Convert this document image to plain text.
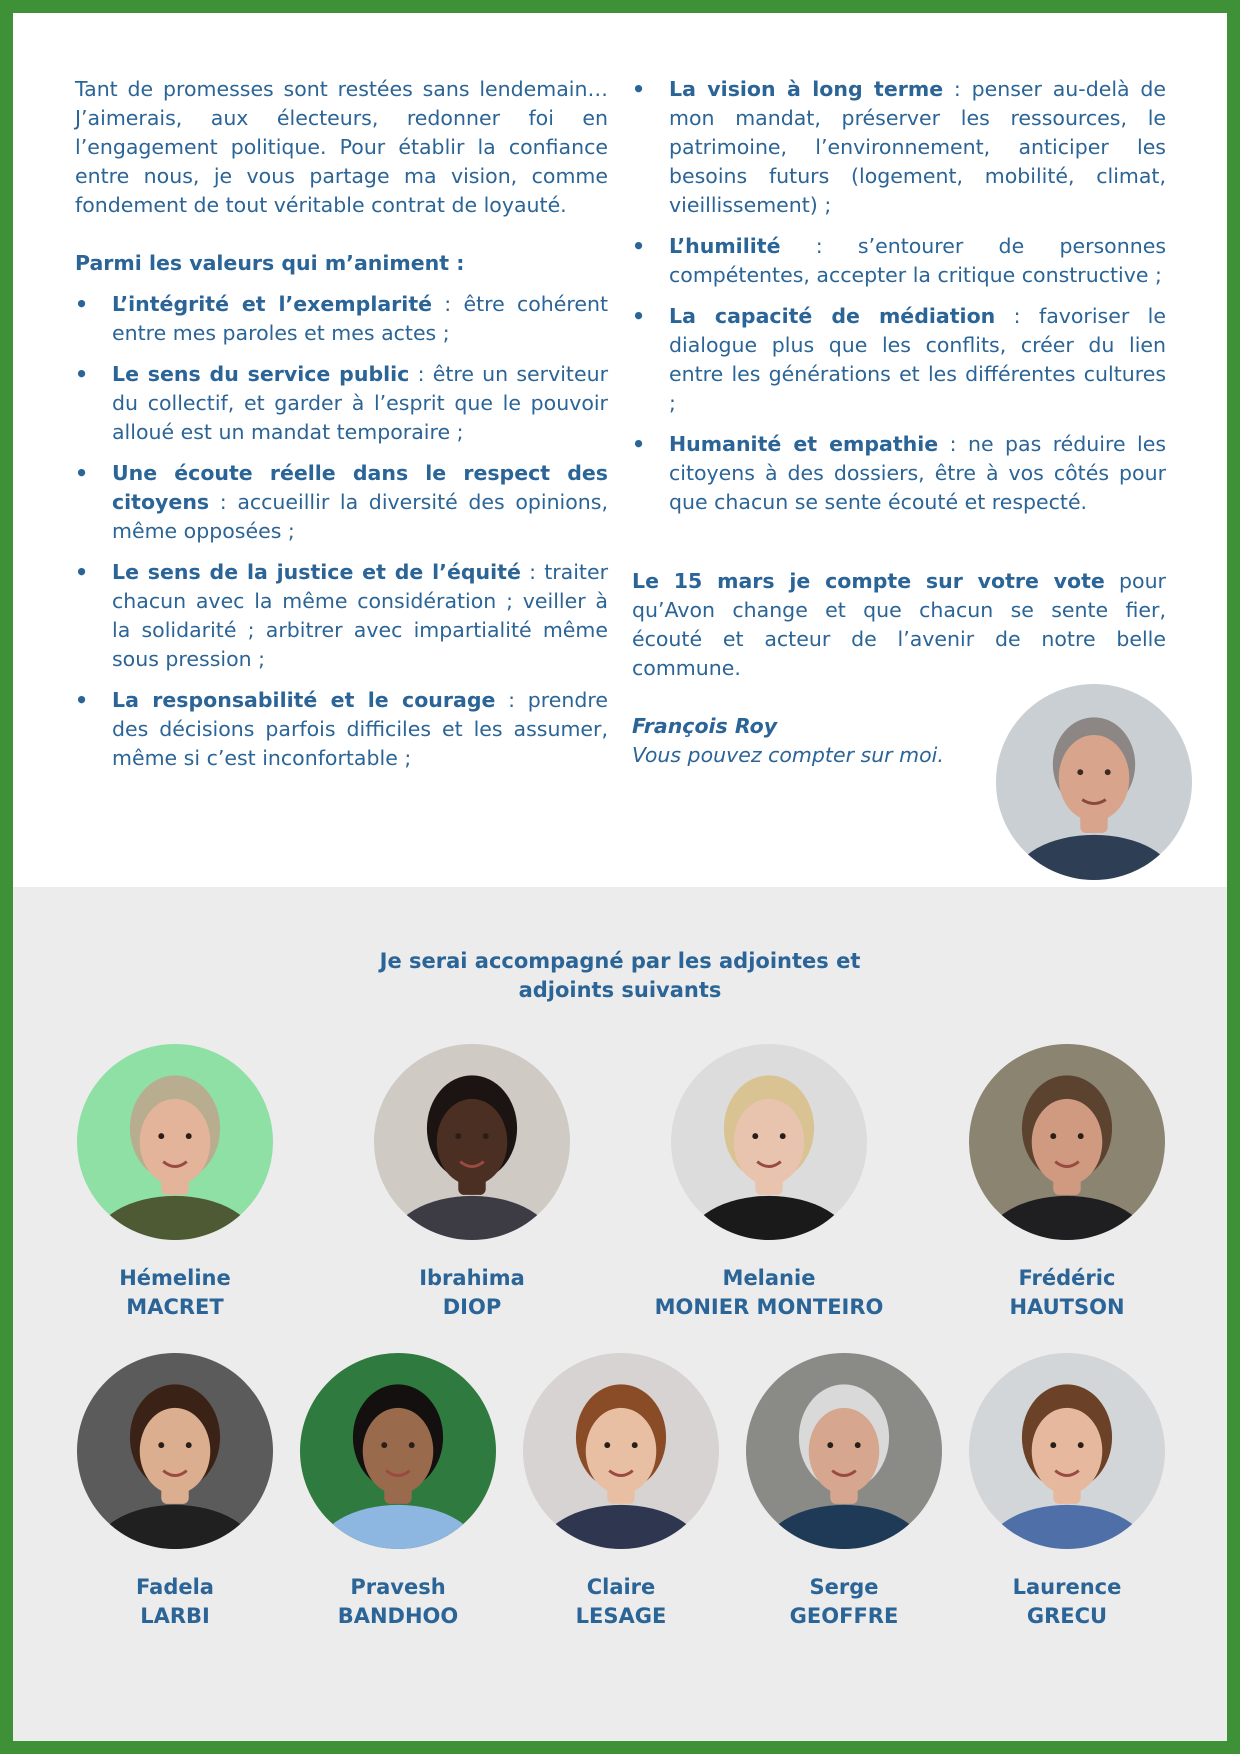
Tant de promesses sont restées sans lendemain… J’aimerais, aux électeurs, redonner foi en l’engagement politique. Pour établir la confiance entre nous, je vous partage ma vision, comme fondement de tout véritable contrat de loyauté.

Parmi les valeurs qui m’animent :

• L’intégrité et l’exemplarité : être cohérent entre mes paroles et mes actes ;
• Le sens du service public : être un serviteur du collectif, et garder à l’esprit que le pouvoir alloué est un mandat temporaire ;
• Une écoute réelle dans le respect des citoyens : accueillir la diversité des opinions, même opposées ;
• Le sens de la justice et de l’équité : traiter chacun avec la même considération ; veiller à la solidarité ; arbitrer avec impartialité même sous pression ;
• La responsabilité et le courage : prendre des décisions parfois difficiles et les assumer, même si c’est inconfortable ;
• La vision à long terme : penser au-delà de mon mandat, préserver les ressources, le patrimoine, l’environnement, anticiper les besoins futurs (logement, mobilité, climat, vieillissement) ;
• L’humilité : s’entourer de personnes compétentes, accepter la critique constructive ;
• La capacité de médiation : favoriser le dialogue plus que les conflits, créer du lien entre les générations et les différentes cultures ;
• Humanité et empathie : ne pas réduire les citoyens à des dossiers, être à vos côtés pour que chacun se sente écouté et respecté.

Le 15 mars je compte sur votre vote pour qu’Avon change et que chacun se sente fier, écouté et acteur de l’avenir de notre belle commune.

François Roy
Vous pouvez compter sur moi.
Je serai accompagné par les adjointes et
adjoints suivants
Hémeline
MACRET
Ibrahima
DIOP
Melanie
MONIER MONTEIRO
Frédéric
HAUTSON
Fadela
LARBI
Pravesh
BANDHOO
Claire
LESAGE
Serge
GEOFFRE
Laurence
GRECU
